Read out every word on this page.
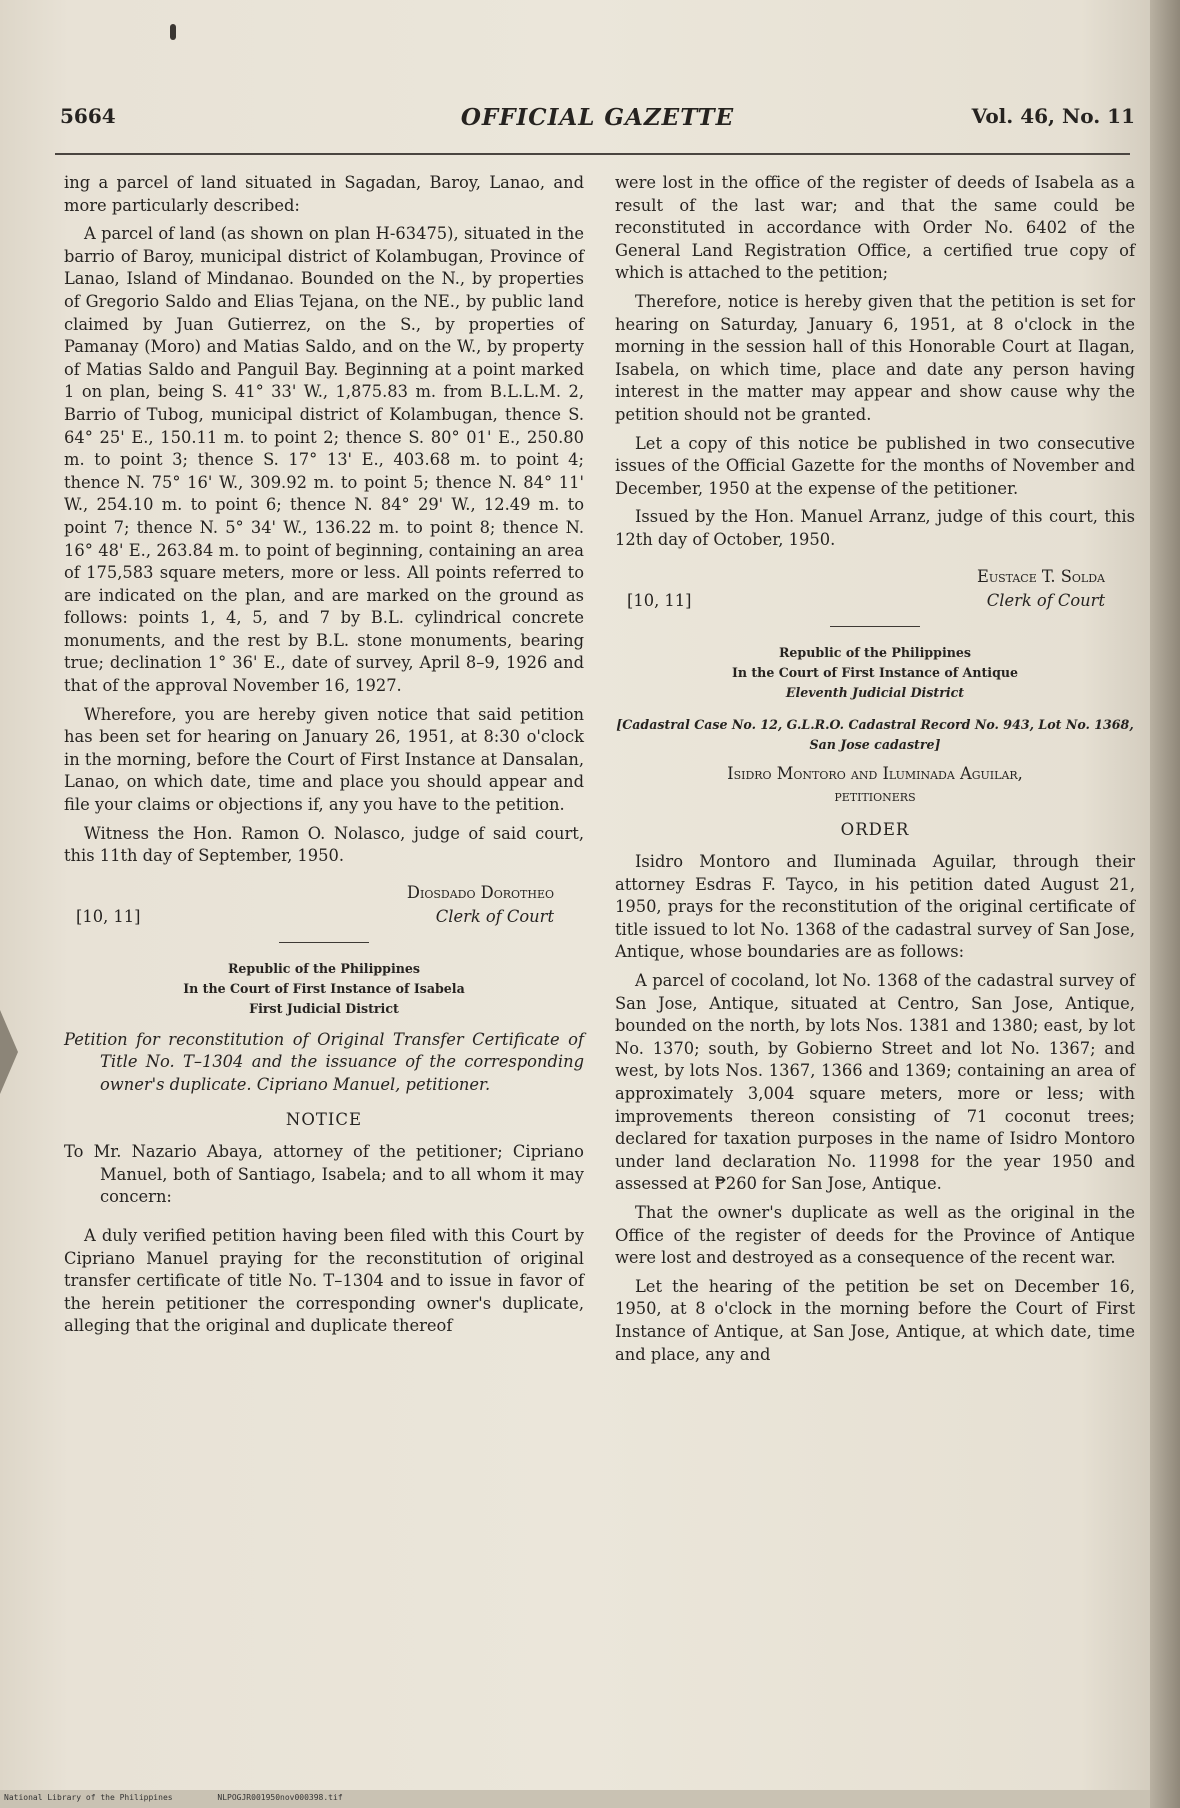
5664	OFFICIAL GAZETTE	Vol. 46, No. 11

ing a parcel of land situated in Sagadan, Baroy, Lanao, and more particularly described:

A parcel of land (as shown on plan H-63475), situated in the barrio of Baroy, municipal district of Kolambugan, Province of Lanao, Island of Mindanao. Bounded on the N., by properties of Gregorio Saldo and Elias Tejana, on the NE., by public land claimed by Juan Gutierrez, on the S., by properties of Pamanay (Moro) and Matias Saldo, and on the W., by property of Matias Saldo and Panguil Bay. Beginning at a point marked 1 on plan, being S. 41° 33' W., 1,875.83 m. from B.L.L.M. 2, Barrio of Tubog, municipal district of Kolambugan, thence S. 64° 25' E., 150.11 m. to point 2; thence S. 80° 01' E., 250.80 m. to point 3; thence S. 17° 13' E., 403.68 m. to point 4; thence N. 75° 16' W., 309.92 m. to point 5; thence N. 84° 11' W., 254.10 m. to point 6; thence N. 84° 29' W., 12.49 m. to point 7; thence N. 5° 34' W., 136.22 m. to point 8; thence N. 16° 48' E., 263.84 m. to point of beginning, containing an area of 175,583 square meters, more or less. All points referred to are indicated on the plan, and are marked on the ground as follows: points 1, 4, 5, and 7 by B.L. cylindrical concrete monuments, and the rest by B.L. stone monuments, bearing true; declination 1° 36' E., date of survey, April 8–9, 1926 and that of the approval November 16, 1927.

Wherefore, you are hereby given notice that said petition has been set for hearing on January 26, 1951, at 8:30 o'clock in the morning, before the Court of First Instance at Dansalan, Lanao, on which date, time and place you should appear and file your claims or objections if, any you have to the petition.

Witness the Hon. Ramon O. Nolasco, judge of said court, this 11th day of September, 1950.

Diosdado Dorotheo
[10, 11]	Clerk of Court
Republic of the Philippines
In the Court of First Instance of Isabela
First Judicial District

Petition for reconstitution of Original Transfer Certificate of Title No. T–1304 and the issuance of the corresponding owner's duplicate. Cipriano Manuel, petitioner.

NOTICE

To Mr. Nazario Abaya, attorney of the petitioner; Cipriano Manuel, both of Santiago, Isabela; and to all whom it may concern:

A duly verified petition having been filed with this Court by Cipriano Manuel praying for the reconstitution of original transfer certificate of title No. T–1304 and to issue in favor of the herein petitioner the corresponding owner's duplicate, alleging that the original and duplicate thereof

were lost in the office of the register of deeds of Isabela as a result of the last war; and that the same could be reconstituted in accordance with Order No. 6402 of the General Land Registration Office, a certified true copy of which is attached to the petition;

Therefore, notice is hereby given that the petition is set for hearing on Saturday, January 6, 1951, at 8 o'clock in the morning in the session hall of this Honorable Court at Ilagan, Isabela, on which time, place and date any person having interest in the matter may appear and show cause why the petition should not be granted.

Let a copy of this notice be published in two consecutive issues of the Official Gazette for the months of November and December, 1950 at the expense of the petitioner.

Issued by the Hon. Manuel Arranz, judge of this court, this 12th day of October, 1950.

Eustace T. Solda
[10, 11]	Clerk of Court
Republic of the Philippines
In the Court of First Instance of Antique
Eleventh Judicial District
[Cadastral Case No. 12, G.L.R.O. Cadastral Record No. 943, Lot No. 1368, San Jose cadastre]
Isidro Montoro and Iluminada Aguilar,
petitioners
ORDER

Isidro Montoro and Iluminada Aguilar, through their attorney Esdras F. Tayco, in his petition dated August 21, 1950, prays for the reconstitution of the original certificate of title issued to lot No. 1368 of the cadastral survey of San Jose, Antique, whose boundaries are as follows:

A parcel of cocoland, lot No. 1368 of the cadastral survey of San Jose, Antique, situated at Centro, San Jose, Antique, bounded on the north, by lots Nos. 1381 and 1380; east, by lot No. 1370; south, by Gobierno Street and lot No. 1367; and west, by lots Nos. 1367, 1366 and 1369; containing an area of approximately 3,004 square meters, more or less; with improvements thereon consisting of 71 coconut trees; declared for taxation purposes in the name of Isidro Montoro under land declaration No. 11998 for the year 1950 and assessed at ₱260 for San Jose, Antique.

That the owner's duplicate as well as the original in the Office of the register of deeds for the Province of Antique were lost and destroyed as a consequence of the recent war.

Let the hearing of the petition be set on December 16, 1950, at 8 o'clock in the morning before the Court of First Instance of Antique, at San Jose, Antique, at which date, time and place, any and

National Library of the Philippines	NLPOGJR001950nov000398.tif
